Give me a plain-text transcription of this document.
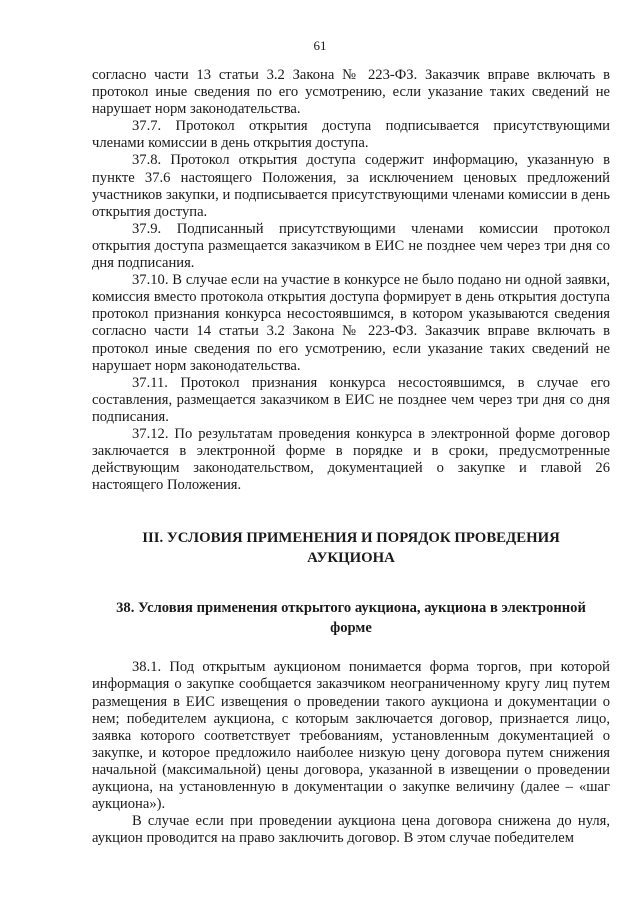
61

согласно части 13 статьи 3.2 Закона № 223-ФЗ. Заказчик вправе включать в протокол иные сведения по его усмотрению, если указание таких сведений не нарушает норм законодательства.

37.7. Протокол открытия доступа подписывается присутствующими членами комиссии в день открытия доступа.

37.8. Протокол открытия доступа содержит информацию, указанную в пункте 37.6 настоящего Положения, за исключением ценовых предложений участников закупки, и подписывается присутствующими членами комиссии в день открытия доступа.

37.9. Подписанный присутствующими членами комиссии протокол открытия доступа размещается заказчиком в ЕИС не позднее чем через три дня со дня подписания.

37.10. В случае если на участие в конкурсе не было подано ни одной заявки, комиссия вместо протокола открытия доступа формирует в день открытия доступа протокол признания конкурса несостоявшимся, в котором указываются сведения согласно части 14 статьи 3.2 Закона № 223-ФЗ. Заказчик вправе включать в протокол иные сведения по его усмотрению, если указание таких сведений не нарушает норм законодательства.

37.11. Протокол признания конкурса несостоявшимся, в случае его составления, размещается заказчиком в ЕИС не позднее чем через три дня со дня подписания.

37.12. По результатам проведения конкурса в электронной форме договор заключается в электронной форме в порядке и в сроки, предусмотренные действующим законодательством, документацией о закупке и главой 26 настоящего Положения.

III. УСЛОВИЯ ПРИМЕНЕНИЯ И ПОРЯДОК ПРОВЕДЕНИЯ АУКЦИОНА
38. Условия применения открытого аукциона, аукциона в электронной форме

38.1. Под открытым аукционом понимается форма торгов, при которой информация о закупке сообщается заказчиком неограниченному кругу лиц путем размещения в ЕИС извещения о проведении такого аукциона и документации о нем; победителем аукциона, с которым заключается договор, признается лицо, заявка которого соответствует требованиям, установленным документацией о закупке, и которое предложило наиболее низкую цену договора путем снижения начальной (максимальной) цены договора, указанной в извещении о проведении аукциона, на установленную в документации о закупке величину (далее – «шаг аукциона»).

В случае если при проведении аукциона цена договора снижена до нуля, аукцион проводится на право заключить договор. В этом случае победителем
